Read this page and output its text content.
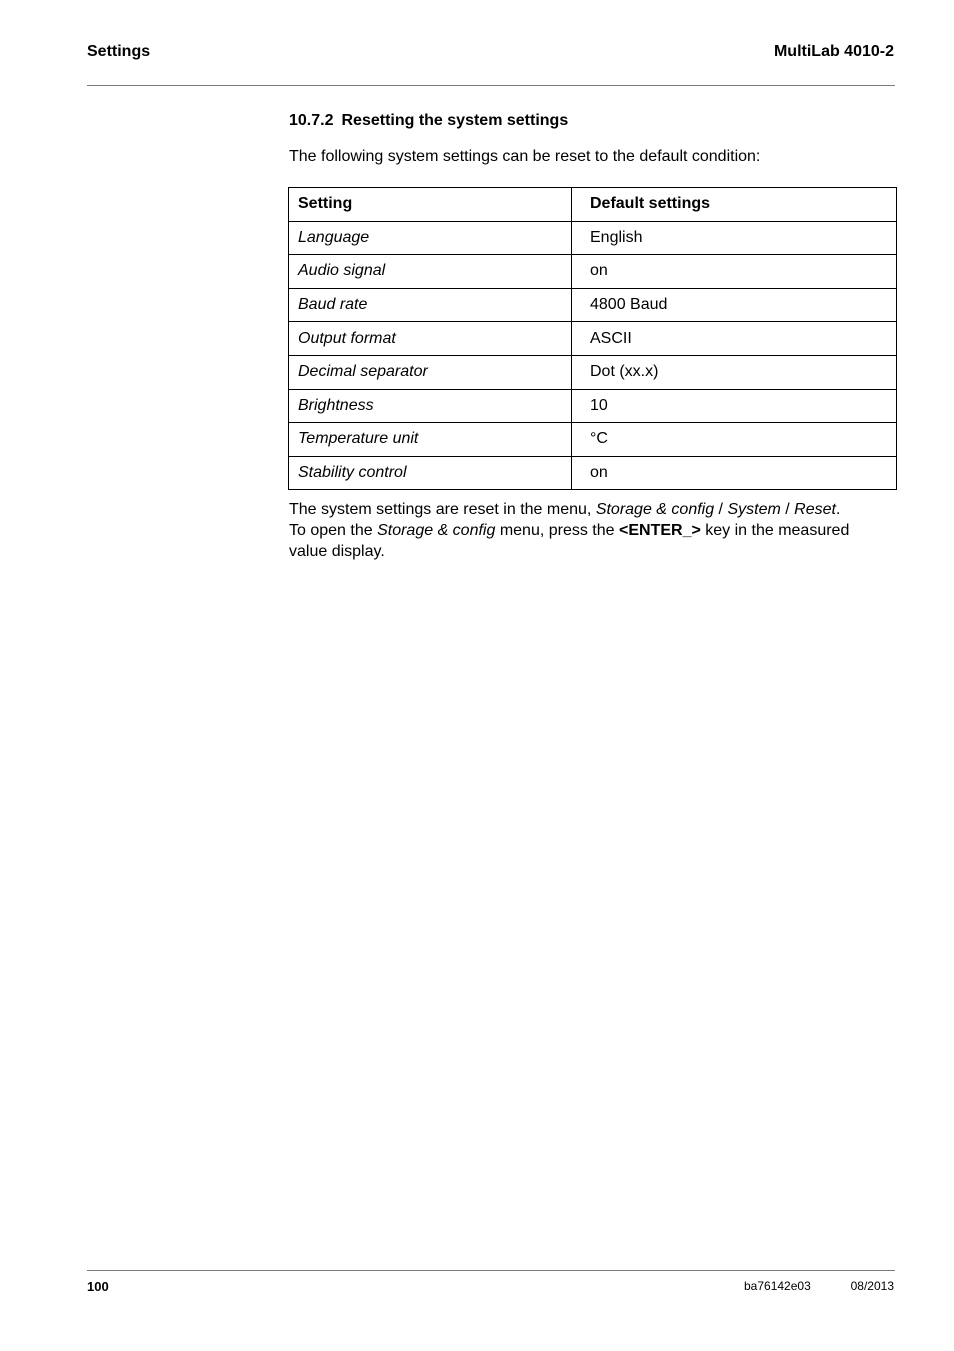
Settings	MultiLab 4010-2
10.7.2 Resetting the system settings
The following system settings can be reset to the default condition:
Setting	Default settings
Language	English
Audio signal	on
Baud rate	4800 Baud
Output format	ASCII
Decimal separator	Dot (xx.x)
Brightness	10
Temperature unit	°C
Stability control	on
The system settings are reset in the menu, Storage & config / System / Reset.
To open the Storage & config menu, press the <ENTER_> key in the measured
value display.
100	ba76142e03	08/2013
